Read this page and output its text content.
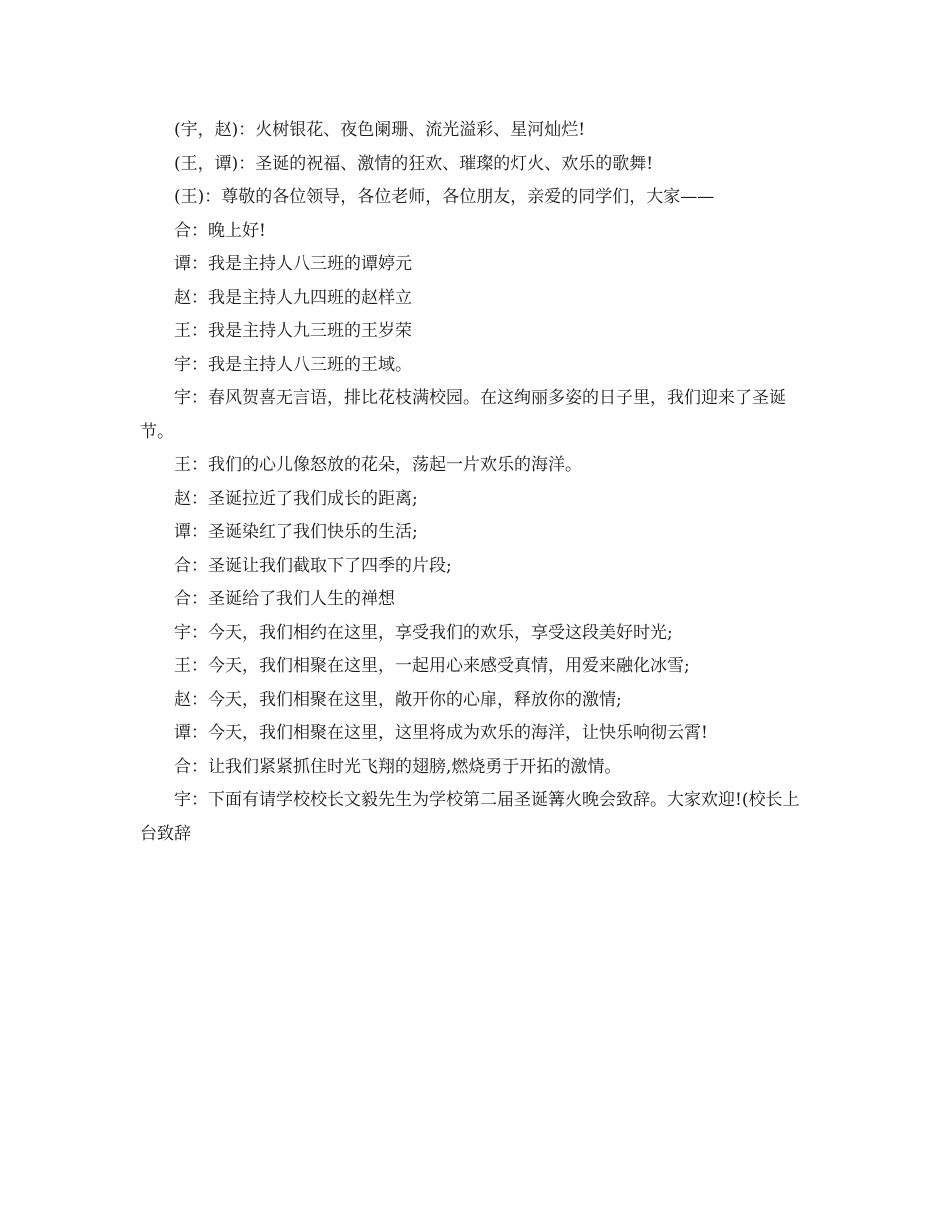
(宇，赵)：火树银花、夜色阑珊、流光溢彩、星河灿烂!

(王，谭)：圣诞的祝福、激情的狂欢、璀璨的灯火、欢乐的歌舞!

(王)：尊敬的各位领导，各位老师，各位朋友，亲爱的同学们，大家——

合：晚上好!

谭：我是主持人八三班的谭婷元

赵：我是主持人九四班的赵样立

王：我是主持人九三班的王岁荣

宇：我是主持人八三班的王域。

宇：春风贺喜无言语，排比花枝满校园。在这绚丽多姿的日子里，我们迎来了圣诞节。

王：我们的心儿像怒放的花朵，荡起一片欢乐的海洋。

赵：圣诞拉近了我们成长的距离;

谭：圣诞染红了我们快乐的生活;

合：圣诞让我们截取下了四季的片段;

合：圣诞给了我们人生的禅想

宇：今天，我们相约在这里，享受我们的欢乐，享受这段美好时光;

王：今天，我们相聚在这里，一起用心来感受真情，用爱来融化冰雪;

赵：今天，我们相聚在这里，敞开你的心扉，释放你的激情;

谭：今天，我们相聚在这里，这里将成为欢乐的海洋，让快乐响彻云霄!

合：让我们紧紧抓住时光飞翔的翅膀,燃烧勇于开拓的激情。

宇：下面有请学校校长文毅先生为学校第二届圣诞篝火晚会致辞。大家欢迎!(校长上台致辞
